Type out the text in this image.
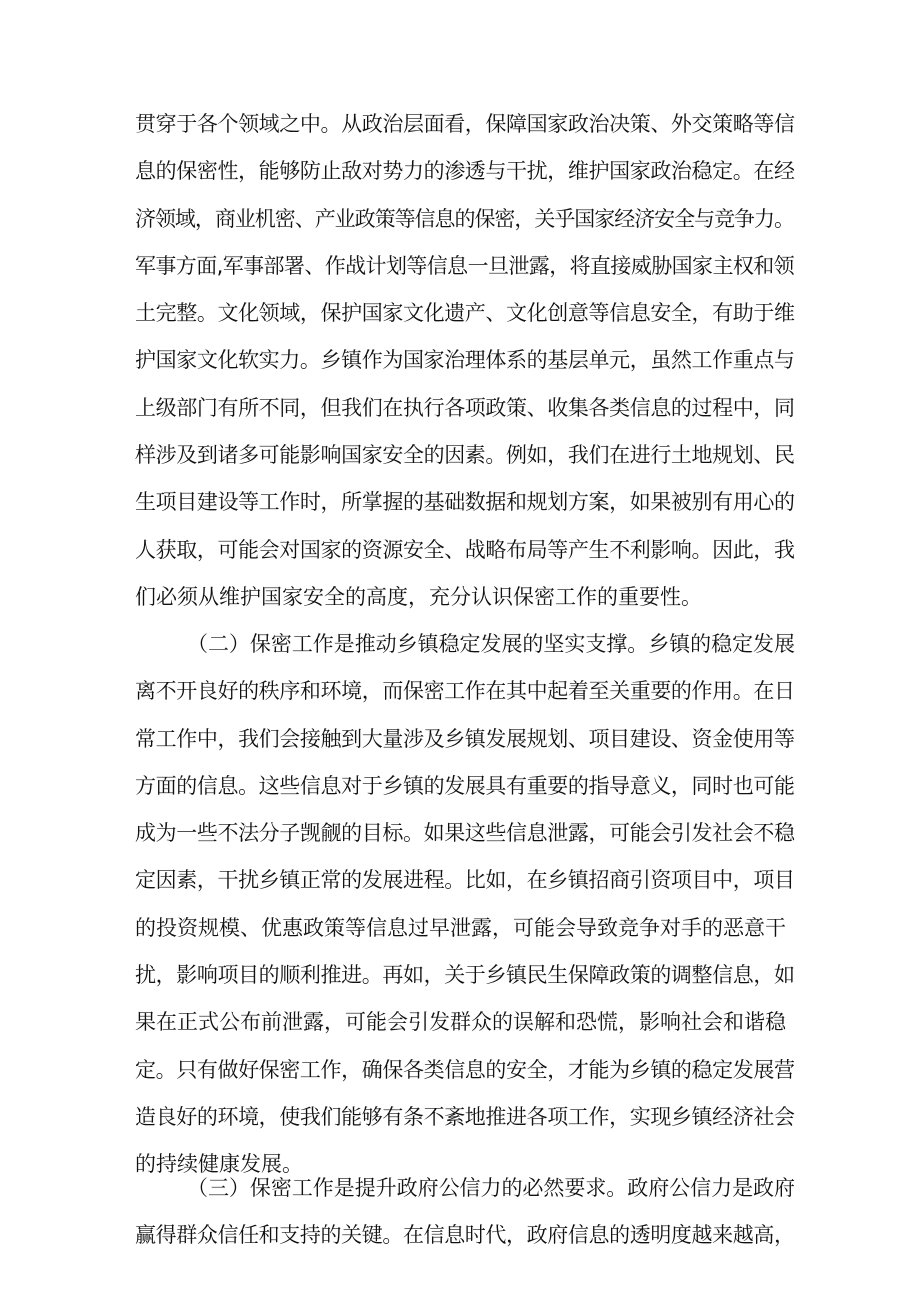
贯穿于各个领域之中。从政治层面看，保障国家政治决策、外交策略等信
息的保密性，能够防止敌对势力的渗透与干扰，维护国家政治稳定。在经
济领域，商业机密、产业政策等信息的保密，关乎国家经济安全与竞争力。
军事方面,军事部署、作战计划等信息一旦泄露，将直接威胁国家主权和领
土完整。文化领域，保护国家文化遗产、文化创意等信息安全，有助于维
护国家文化软实力。乡镇作为国家治理体系的基层单元，虽然工作重点与
上级部门有所不同，但我们在执行各项政策、收集各类信息的过程中，同
样涉及到诸多可能影响国家安全的因素。例如，我们在进行土地规划、民
生项目建设等工作时，所掌握的基础数据和规划方案，如果被别有用心的
人获取，可能会对国家的资源安全、战略布局等产生不利影响。因此，我
们必须从维护国家安全的高度，充分认识保密工作的重要性。
（二）保密工作是推动乡镇稳定发展的坚实支撑。乡镇的稳定发展
离不开良好的秩序和环境，而保密工作在其中起着至关重要的作用。在日
常工作中，我们会接触到大量涉及乡镇发展规划、项目建设、资金使用等
方面的信息。这些信息对于乡镇的发展具有重要的指导意义，同时也可能
成为一些不法分子觊觎的目标。如果这些信息泄露，可能会引发社会不稳
定因素，干扰乡镇正常的发展进程。比如，在乡镇招商引资项目中，项目
的投资规模、优惠政策等信息过早泄露，可能会导致竞争对手的恶意干
扰，影响项目的顺利推进。再如，关于乡镇民生保障政策的调整信息，如
果在正式公布前泄露，可能会引发群众的误解和恐慌，影响社会和谐稳
定。只有做好保密工作，确保各类信息的安全，才能为乡镇的稳定发展营
造良好的环境，使我们能够有条不紊地推进各项工作，实现乡镇经济社会
的持续健康发展。
（三）保密工作是提升政府公信力的必然要求。政府公信力是政府
赢得群众信任和支持的关键。在信息时代，政府信息的透明度越来越高，
